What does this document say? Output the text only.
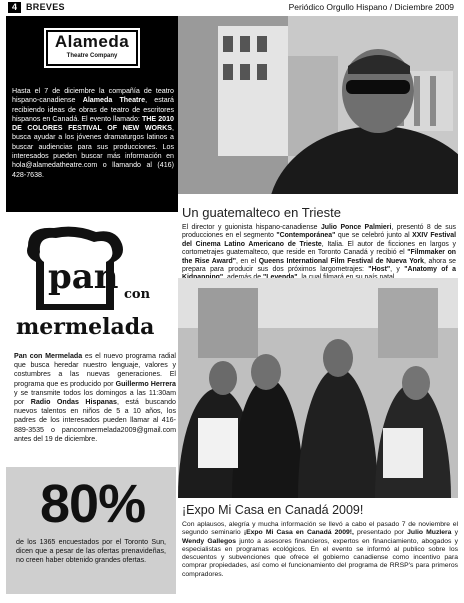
4	BREVES	Periódico Orgullo Hispano / Diciembre 2009
Alameda
Theatre Company
Hasta el 7 de diciembre la compañía de teatro hispano-canadiense Alameda Theatre, estará recibiendo ideas de obras de teatro de escritores hispanos en Canadá. El evento llamado: THE 2010 DE COLORES FESTIVAL OF NEW WORKS, busca ayudar a los jóvenes dramaturgos latinos a buscar audiencias para sus producciones. Los interesados pueden buscar más información en hola@alamedatheatre.com o llamando al (416) 428-7638.
Un guatemalteco en Trieste
El director y guionista hispano-canadiense Julio Ponce Palmieri, presentó 8 de sus producciones en el segmento "Contemporánea" que se celebró junto al XXIV Festival del Cinema Latino Americano de Trieste, Italia. El autor de ficciones en largos y cortometrajes guatemalteco, que reside en Toronto Canadá y recibió el "Filmmaker on the Rise Award", en el Queens International Film Festival de Nueva York, ahora se prepara para producir sus dos próximos largometrajes: "Host", y "Anatomy of a
pan con
mermelada
Pan con Mermelada es el nuevo programa radial que busca heredar nuestro lenguaje, valores y costumbres a las nuevas generaciones. El programa que es producido por Guillermo Herrera y se transmite todos los domingos a las 11:30am por Radio Ondas Hispanas, está buscando nuevos talentos en niños de 5 a 10 años, los padres de los interesados pueden llamar al 416-889-3535 o panconmermelada2009@gmail.com antes del 19 de diciembre.
80%
de los 1365 encuestados por el Toronto Sun, dicen que a pesar de las ofertas prenavideñas, no creen haber obtenido grandes ofertas.
¡Expo Mi Casa en Canadá 2009!
Con aplausos, alegría y mucha información se llevó a cabo el pasado 7 de noviembre el segundo seminario ¡Expo Mi Casa en Canadá 2009!, presentado por Julio Muzlera y Wendy Gallegos junto a asesores financieros, expertos en financiamiento, abogados y especialistas en programas ecológicos. En el evento se informó al publico sobre los descuentos y subvenciones que ofrece el gobierno canadiense como incentivo para comprar propiedades, así como el funcionamiento del programa de RRSP's para primeros compradores.
